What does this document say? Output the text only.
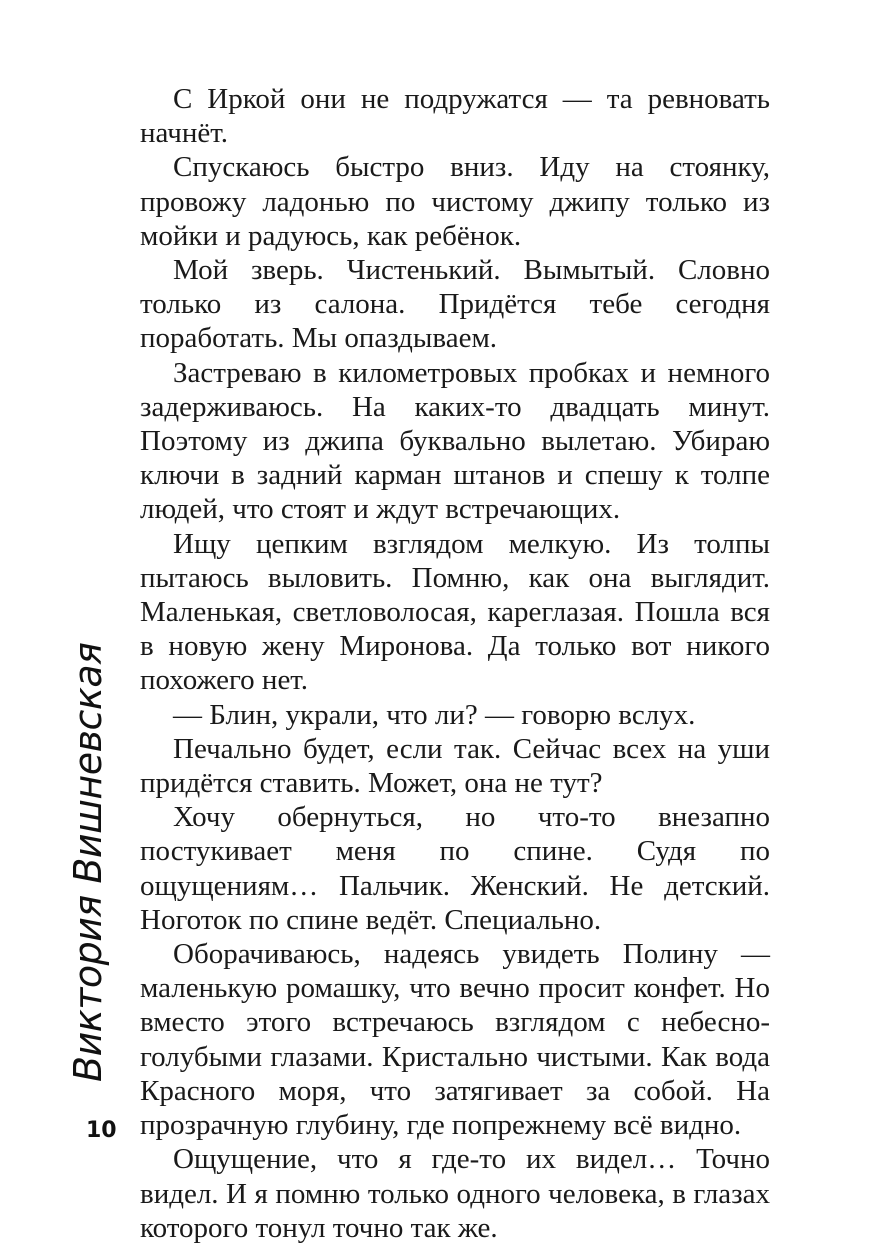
Виктория Вишневская
10

С Иркой они не подружатся — та ревновать начнёт.

Спускаюсь быстро вниз. Иду на стоянку, провожу ладонью по чистому джипу только из мойки и радуюсь, как ребёнок.

Мой зверь. Чистенький. Вымытый. Словно только из салона. Придётся тебе сегодня поработать. Мы опаздываем.

Застреваю в километровых пробках и немного задерживаюсь. На каких-то двадцать минут. Поэтому из джипа буквально вылетаю. Убираю ключи в задний карман штанов и спешу к толпе людей, что стоят и ждут встречающих.

Ищу цепким взглядом мелкую. Из толпы пытаюсь выловить. Помню, как она выглядит. Маленькая, светловолосая, кареглазая. Пошла вся в новую жену Миронова. Да только вот никого похожего нет.

— Блин, украли, что ли? — говорю вслух.

Печально будет, если так. Сейчас всех на уши придётся ставить. Может, она не тут?

Хочу обернуться, но что-то внезапно постукивает меня по спине. Судя по ощущениям… Пальчик. Женский. Не детский. Ноготок по спине ведёт. Специально.

Оборачиваюсь, надеясь увидеть Полину — маленькую ромашку, что вечно просит конфет. Но вместо этого встречаюсь взглядом с небесно-голубыми глазами. Кристально чистыми. Как вода Красного моря, что затягивает за собой. На прозрачную глубину, где попрежнему всё видно.

Ощущение, что я где-то их видел… Точно видел. И я помню только одного человека, в глазах которого тонул точно так же.
